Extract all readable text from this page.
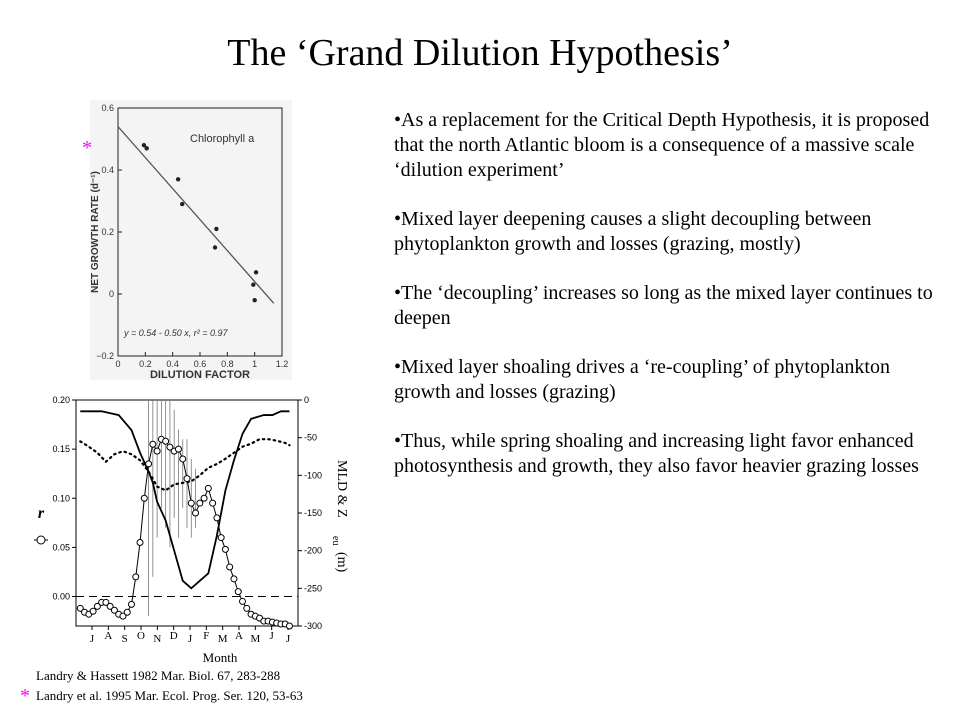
The ‘Grand Dilution Hypothesis’
• As a replacement for the Critical Depth Hypothesis, it is proposed that the north Atlantic bloom is a consequence of a massive scale ‘dilution experiment’
• Mixed layer deepening causes a slight decoupling between phytoplankton growth and losses (grazing, mostly)
• The ‘decoupling’ increases so long as the mixed layer continues to deepen
• Mixed layer shoaling drives a ‘re-coupling’ of phytoplankton growth and losses (grazing)
• Thus, while spring shoaling and increasing light favor enhanced photosynthesis and growth, they also favor heavier grazing losses
0 0.2 0.4 0.6 0.8 1 1.2
−0.2
0
0.2
0.4
0.6
Chlorophyll a
y = 0.54 - 0.50 x, r² = 0.97
DILUTION FACTOR
NET GROWTH RATE (d⁻¹)
*
0.00
0.05
0.10
0.15
0.20	0
-50
-100
-150
-200
-250
-300
J A S O N D J F M A M J J
Month
r	MLD & Z
eu
(m)
Landry & Hassett 1982 Mar. Biol. 67, 283-288
* Landry et al. 1995 Mar. Ecol. Prog. Ser. 120, 53-63
